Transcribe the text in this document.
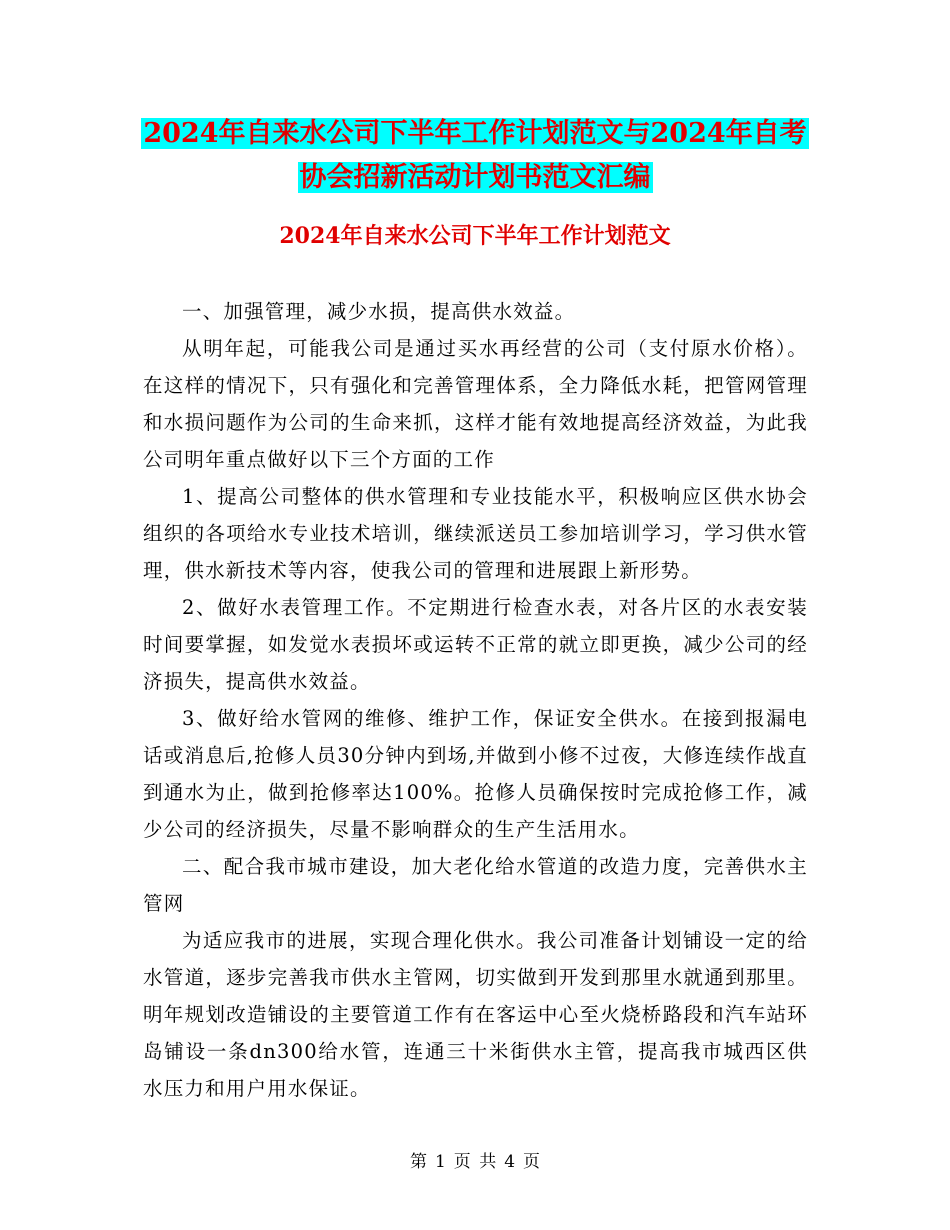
2024年自来水公司下半年工作计划范文与2024年自考
协会招新活动计划书范文汇编
2024年自来水公司下半年工作计划范文

一、加强管理，减少水损，提高供水效益。

从明年起，可能我公司是通过买水再经营的公司（支付原水价格）。在这样的情况下，只有强化和完善管理体系，全力降低水耗，把管网管理和水损问题作为公司的生命来抓，这样才能有效地提高经济效益，为此我公司明年重点做好以下三个方面的工作

1、提高公司整体的供水管理和专业技能水平，积极响应区供水协会组织的各项给水专业技术培训，继续派送员工参加培训学习，学习供水管理，供水新技术等内容，使我公司的管理和进展跟上新形势。

2、做好水表管理工作。不定期进行检查水表，对各片区的水表安装时间要掌握，如发觉水表损坏或运转不正常的就立即更换，减少公司的经济损失，提高供水效益。

3、做好给水管网的维修、维护工作，保证安全供水。在接到报漏电话或消息后,抢修人员30分钟内到场,并做到小修不过夜，大修连续作战直到通水为止，做到抢修率达100%。抢修人员确保按时完成抢修工作，减少公司的经济损失，尽量不影响群众的生产生活用水。

二、配合我市城市建设，加大老化给水管道的改造力度，完善供水主管网

为适应我市的进展，实现合理化供水。我公司准备计划铺设一定的给水管道，逐步完善我市供水主管网，切实做到开发到那里水就通到那里。明年规划改造铺设的主要管道工作有在客运中心至火烧桥路段和汽车站环岛铺设一条dn300给水管，连通三十米街供水主管，提高我市城西区供水压力和用户用水保证。

第 1 页 共 4 页
